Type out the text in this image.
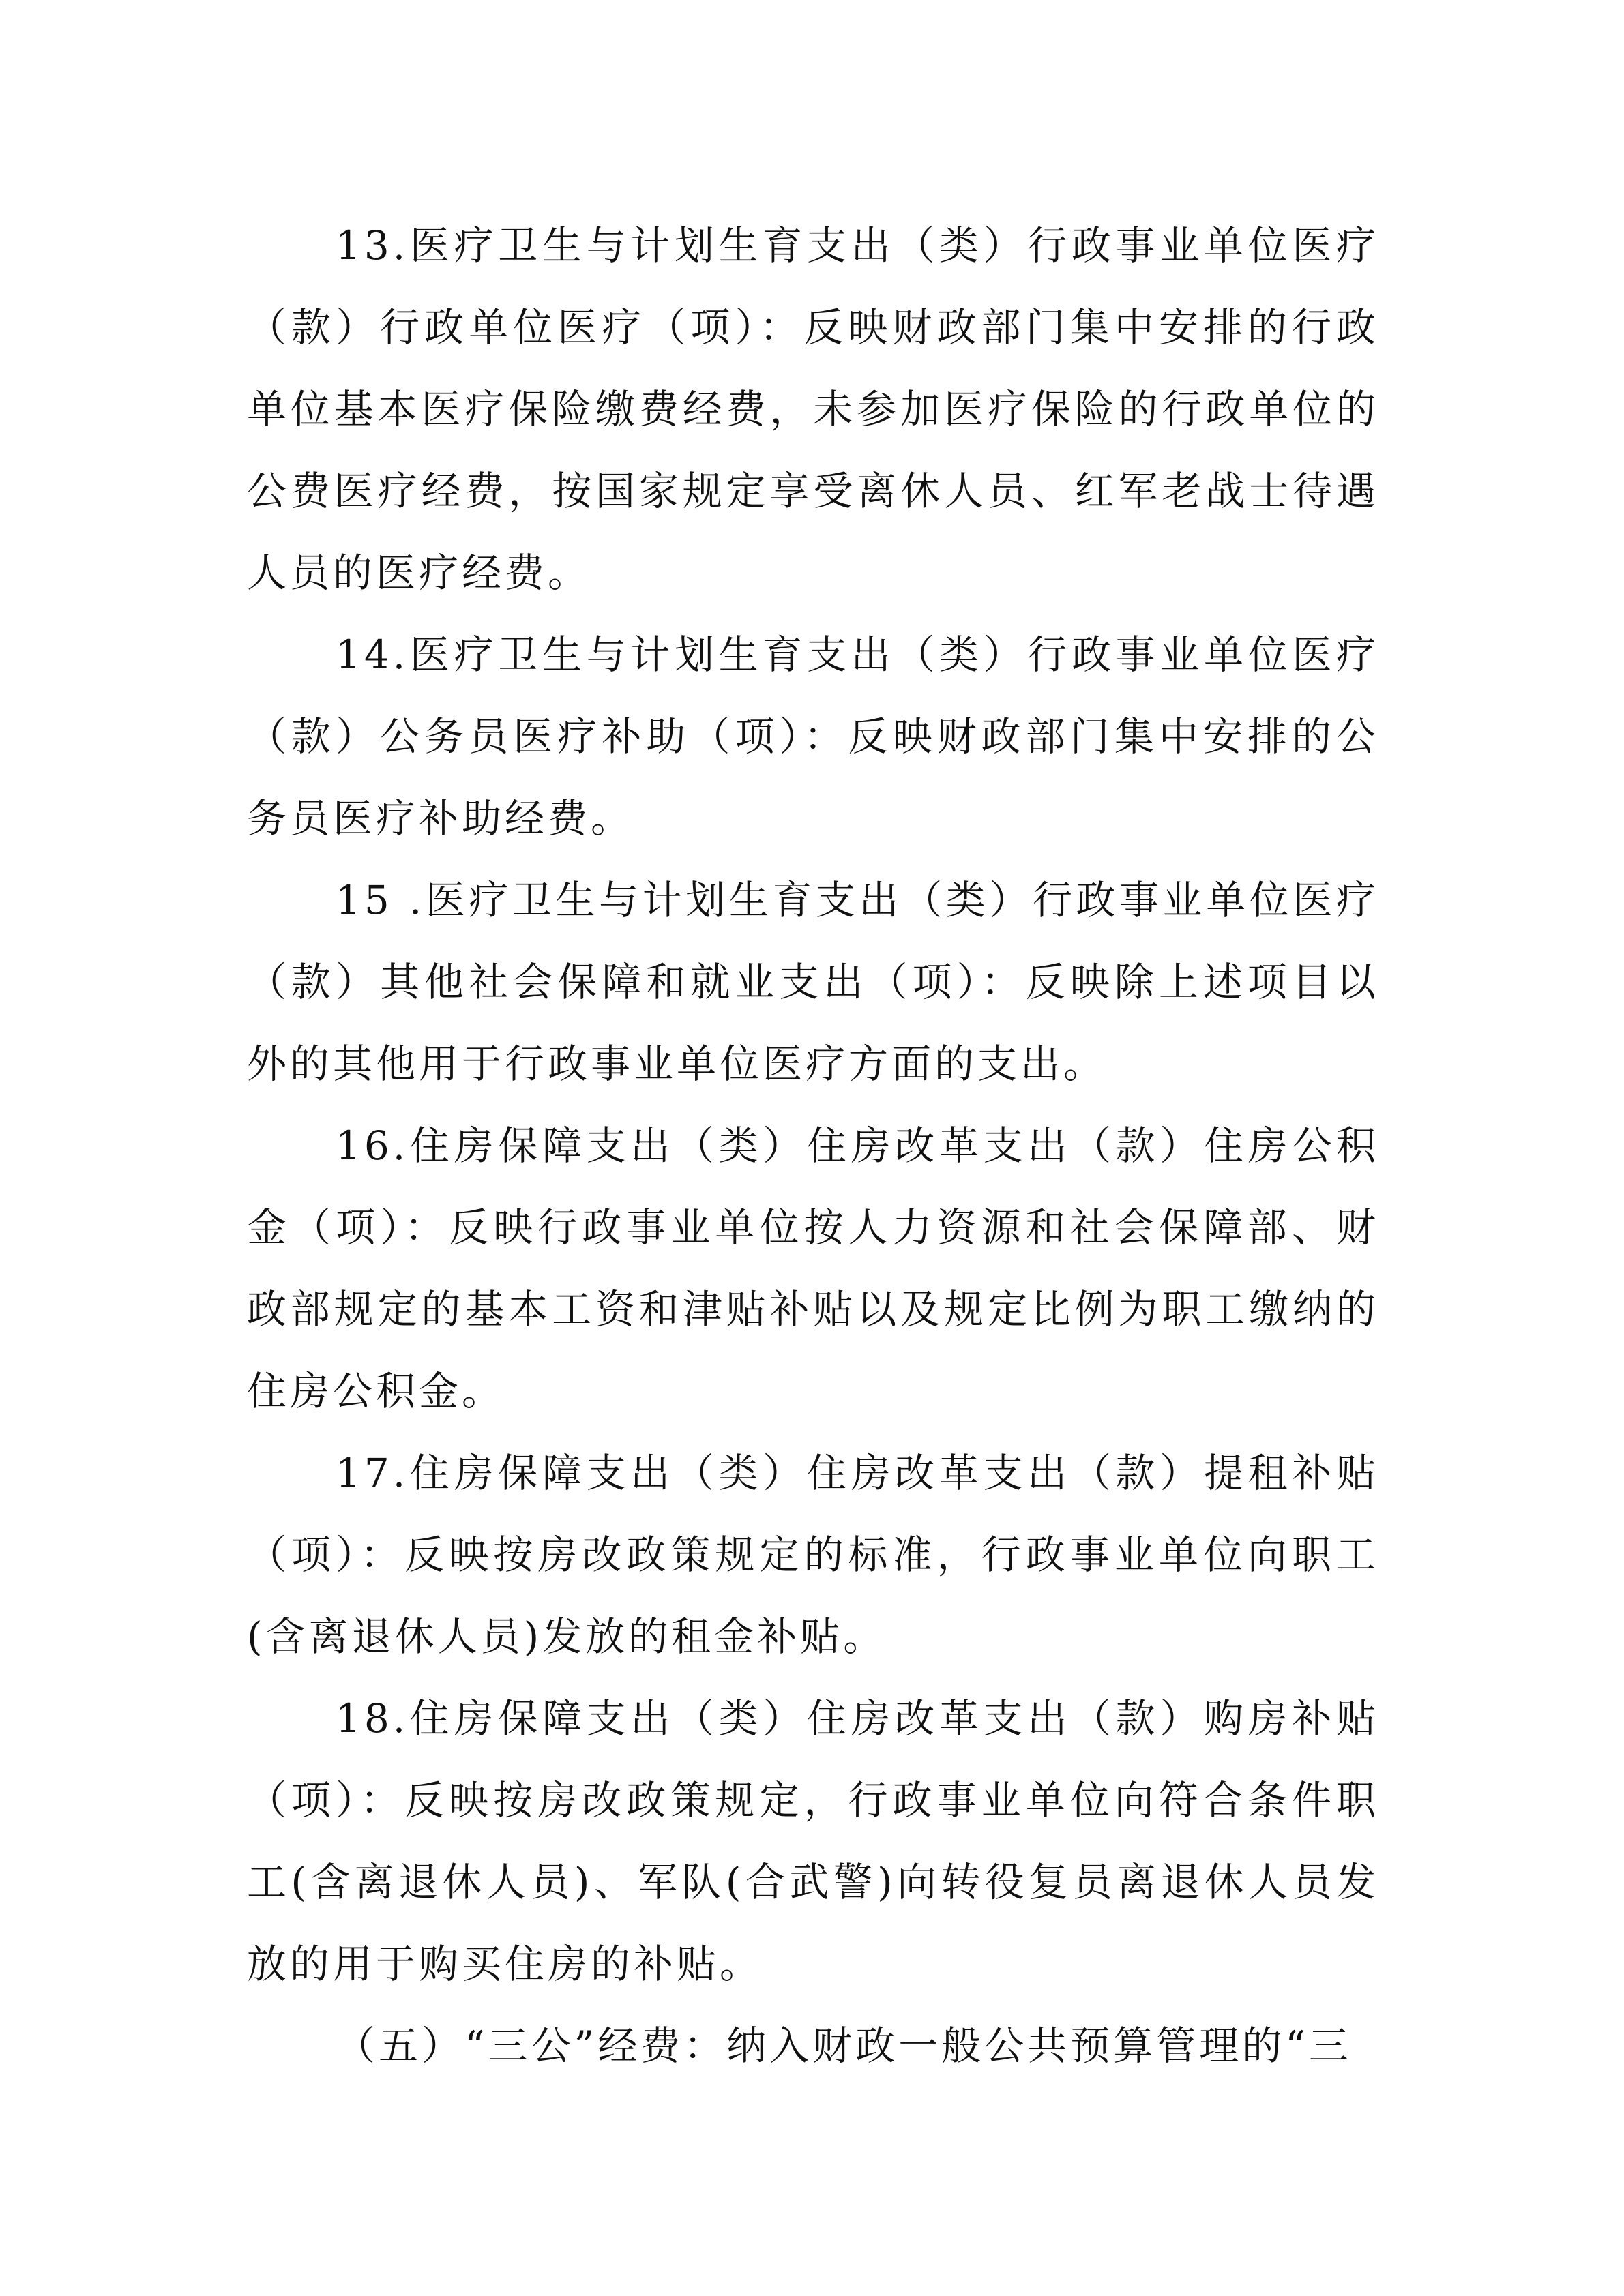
13.医疗卫生与计划生育支出（类）行政事业单位医疗（款）行政单位医疗（项）：反映财政部门集中安排的行政单位基本医疗保险缴费经费，未参加医疗保险的行政单位的公费医疗经费，按国家规定享受离休人员、红军老战士待遇人员的医疗经费。

14.医疗卫生与计划生育支出（类）行政事业单位医疗（款）公务员医疗补助（项）：反映财政部门集中安排的公务员医疗补助经费。

15 .医疗卫生与计划生育支出（类）行政事业单位医疗（款）其他社会保障和就业支出（项）：反映除上述项目以外的其他用于行政事业单位医疗方面的支出。

16.住房保障支出（类）住房改革支出（款）住房公积金（项）：反映行政事业单位按人力资源和社会保障部、财政部规定的基本工资和津贴补贴以及规定比例为职工缴纳的住房公积金。

17.住房保障支出（类）住房改革支出（款）提租补贴（项）：反映按房改政策规定的标准，行政事业单位向职工(含离退休人员)发放的租金补贴。

18.住房保障支出（类）住房改革支出（款）购房补贴（项）：反映按房改政策规定，行政事业单位向符合条件职工(含离退休人员)、军队(合武警)向转役复员离退休人员发放的用于购买住房的补贴。

（五）“三公”经费：纳入财政一般公共预算管理的“三
